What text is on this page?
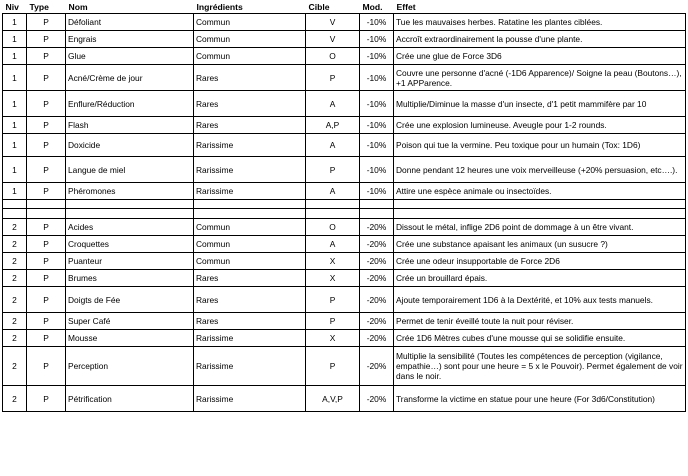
Niv	Type	Nom	Ingrédients	Cible	Mod.	Effet
1	P	Défoliant	Commun	V	-10%	Tue les mauvaises herbes. Ratatine les plantes ciblées.
1	P	Engrais	Commun	V	-10%	Accroît extraordinairement la pousse d'une plante.
1	P	Glue	Commun	O	-10%	Crée une glue de Force 3D6
1	P	Acné/Crème de jour	Rares	P	-10%	Couvre une personne d'acné (-1D6 Apparence)/ Soigne la peau (Boutons…), +1 APParence.
1	P	Enflure/Réduction	Rares	A	-10%	Multiplie/Diminue la masse d'un insecte, d'1 petit mammifère par 10
1	P	Flash	Rares	A,P	-10%	Crée une explosion lumineuse. Aveugle pour 1-2 rounds.
1	P	Doxicide	Rarissime	A	-10%	Poison qui tue la vermine. Peu toxique pour un humain (Tox: 1D6)
1	P	Langue de miel	Rarissime	P	-10%	Donne pendant 12 heures une voix merveilleuse (+20% persuasion, etc….).
1	P	Phéromones	Rarissime	A	-10%	Attire une espèce animale ou insectoïdes.

2	P	Acides	Commun	O	-20%	Dissout le métal, inflige 2D6 point de dommage à un être vivant.
2	P	Croquettes	Commun	A	-20%	Crée une substance apaisant les animaux (un susucre ?)
2	P	Puanteur	Commun	X	-20%	Crée une odeur insupportable de Force 2D6
2	P	Brumes	Rares	X	-20%	Crée un brouillard épais.
2	P	Doigts de Fée	Rares	P	-20%	Ajoute temporairement 1D6 à la Dextérité, et 10% aux tests manuels.
2	P	Super Café	Rares	P	-20%	Permet de tenir éveillé toute la nuit pour réviser.
2	P	Mousse	Rarissime	X	-20%	Crée 1D6 Mètres cubes d'une mousse qui se solidifie ensuite.
2	P	Perception	Rarissime	P	-20%	Multiplie la sensibilité (Toutes les compétences de perception (vigilance, empathie…) sont pour une heure = 5 x le Pouvoir). Permet également de voir dans le noir.
2	P	Pétrification	Rarissime	A,V,P	-20%	Transforme la victime en statue pour une heure (For 3d6/Constitution)
